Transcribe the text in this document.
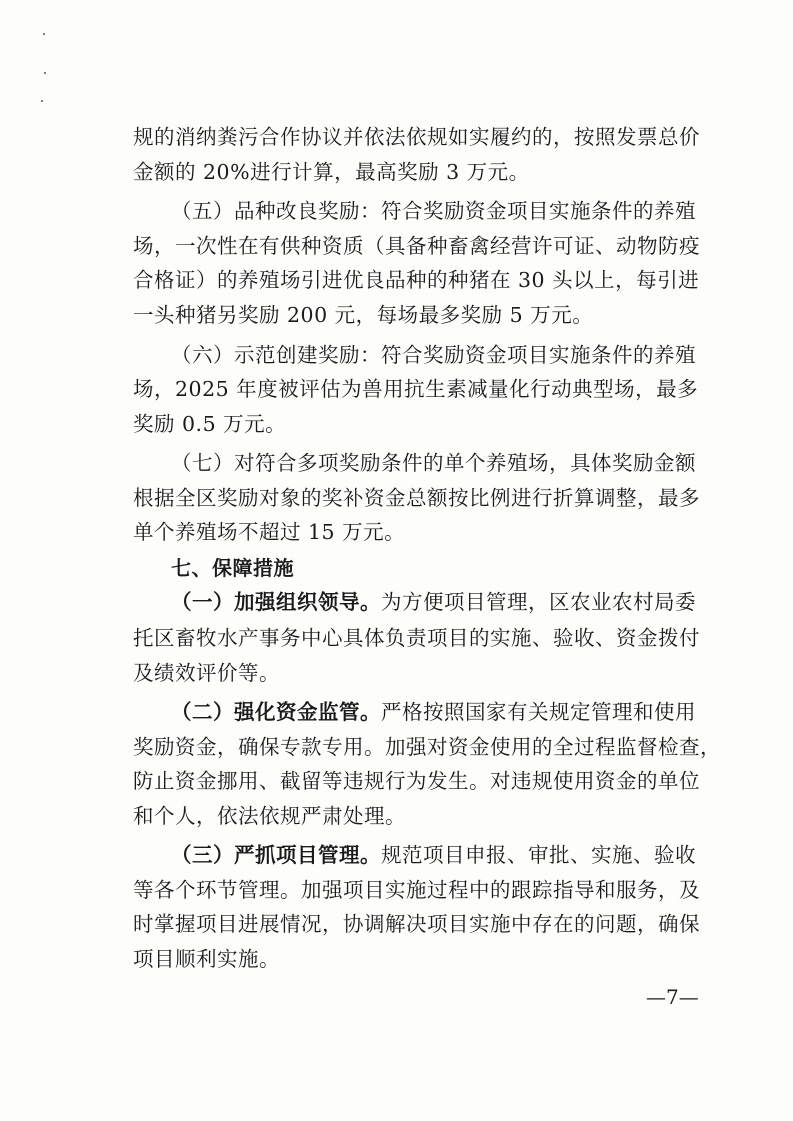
规的消纳粪污合作协议并依法依规如实履约的，按照发票总价
金额的 20%进行计算，最高奖励 3 万元。
（五）品种改良奖励：符合奖励资金项目实施条件的养殖
场，一次性在有供种资质（具备种畜禽经营许可证、动物防疫
合格证）的养殖场引进优良品种的种猪在 30 头以上，每引进
一头种猪另奖励 200 元，每场最多奖励 5 万元。
（六）示范创建奖励：符合奖励资金项目实施条件的养殖
场，2025 年度被评估为兽用抗生素减量化行动典型场，最多
奖励 0.5 万元。
（七）对符合多项奖励条件的单个养殖场，具体奖励金额
根据全区奖励对象的奖补资金总额按比例进行折算调整，最多
单个养殖场不超过 15 万元。
七、保障措施
（一）加强组织领导。为方便项目管理，区农业农村局委
托区畜牧水产事务中心具体负责项目的实施、验收、资金拨付
及绩效评价等。
（二）强化资金监管。严格按照国家有关规定管理和使用
奖励资金，确保专款专用。加强对资金使用的全过程监督检查，
防止资金挪用、截留等违规行为发生。对违规使用资金的单位
和个人，依法依规严肃处理。
（三）严抓项目管理。规范项目申报、审批、实施、验收
等各个环节管理。加强项目实施过程中的跟踪指导和服务，及
时掌握项目进展情况，协调解决项目实施中存在的问题，确保
项目顺利实施。
—7—
